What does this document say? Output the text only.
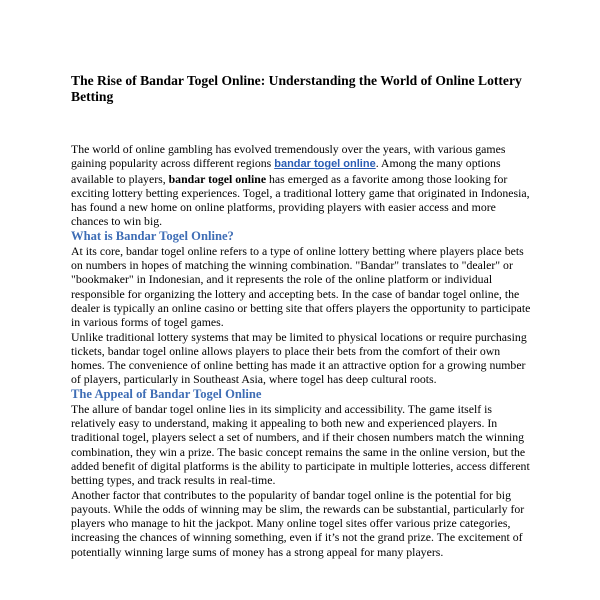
The Rise of Bandar Togel Online: Understanding the World of Online Lottery Betting

The world of online gambling has evolved tremendously over the years, with various games gaining popularity across different regions bandar togel online. Among the many options available to players, bandar togel online has emerged as a favorite among those looking for exciting lottery betting experiences. Togel, a traditional lottery game that originated in Indonesia, has found a new home on online platforms, providing players with easier access and more chances to win big.

What is Bandar Togel Online?

At its core, bandar togel online refers to a type of online lottery betting where players place bets on numbers in hopes of matching the winning combination. "Bandar" translates to "dealer" or "bookmaker" in Indonesian, and it represents the role of the online platform or individual responsible for organizing the lottery and accepting bets. In the case of bandar togel online, the dealer is typically an online casino or betting site that offers players the opportunity to participate in various forms of togel games.

Unlike traditional lottery systems that may be limited to physical locations or require purchasing tickets, bandar togel online allows players to place their bets from the comfort of their own homes. The convenience of online betting has made it an attractive option for a growing number of players, particularly in Southeast Asia, where togel has deep cultural roots.

The Appeal of Bandar Togel Online

The allure of bandar togel online lies in its simplicity and accessibility. The game itself is relatively easy to understand, making it appealing to both new and experienced players. In traditional togel, players select a set of numbers, and if their chosen numbers match the winning combination, they win a prize. The basic concept remains the same in the online version, but the added benefit of digital platforms is the ability to participate in multiple lotteries, access different betting types, and track results in real-time.

Another factor that contributes to the popularity of bandar togel online is the potential for big payouts. While the odds of winning may be slim, the rewards can be substantial, particularly for players who manage to hit the jackpot. Many online togel sites offer various prize categories, increasing the chances of winning something, even if it’s not the grand prize. The excitement of potentially winning large sums of money has a strong appeal for many players.
